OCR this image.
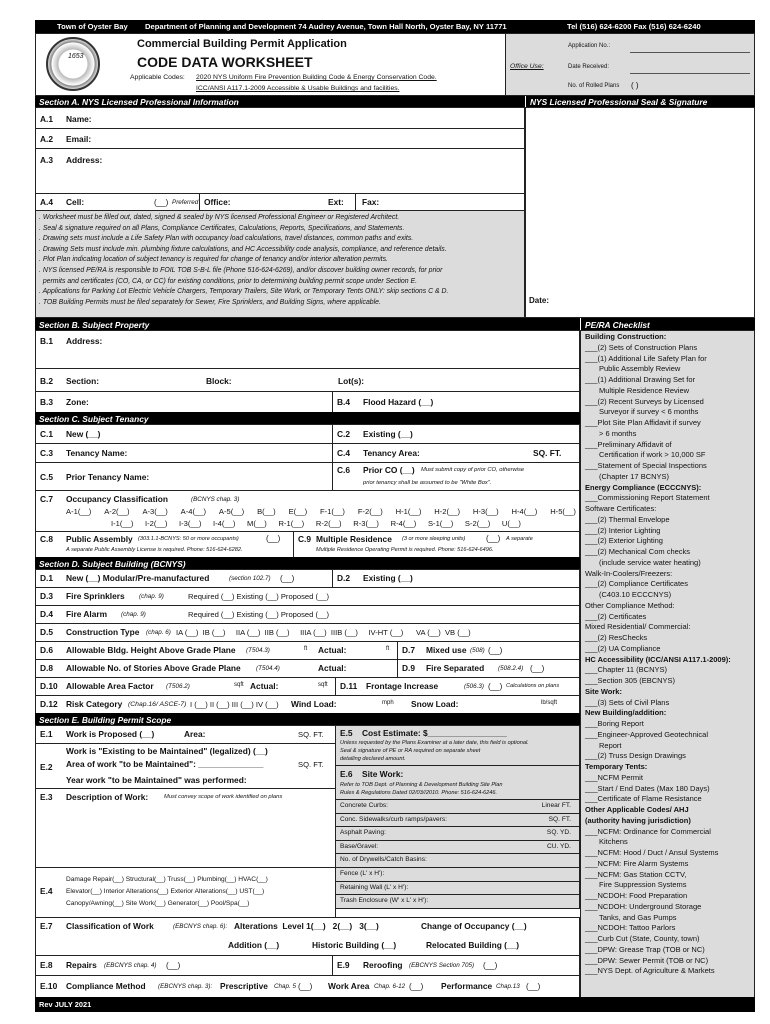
Town of Oyster Bay Department of Planning and Development 74 Audrey Avenue, Town Hall North, Oyster Bay, NY 11771	Tel (516) 624-6200 Fax (516) 624-6240
1653
Commercial Building Permit Application
CODE DATA WORKSHEET
Applicable Codes: 2020 NYS Uniform Fire Prevention Building Code & Energy Conservation Code.
ICC/ANSI A117.1-2009 Accessible & Usable Buildings and facilities.
Office Use:
Application No.:
Date Received:
No. of Rolled Plans ( )
Section A. NYS Licensed Professional Information	NYS Licensed Professional Seal & Signature
Date:
A.1 Name:
A.2 Email:
A.3 Address:
A.4 Cell:	(__) Preferred Office:	Ext: Fax:
. Worksheet must be filled out, dated, signed & sealed by NYS licensed Professional Engineer or Registered Architect.
. Seal & signature required on all Plans, Compliance Certificates, Calculations, Reports, Specifications, and Statements.
. Drawing sets must include a Life Safety Plan with occupancy load calculations, travel distances, common paths and exits.
. Drawing Sets must include min. plumbing fixture calculations, and HC Accessibility code analysis, compliance, and reference details.
. Plot Plan indicating location of subject tenancy is required for change of tenancy and/or interior alteration permits.
. NYS licensed PE/RA is responsible to FOIL TOB S-B-L file (Phone 516-624-6269), and/or discover building owner records, for prior
permits and certificates (CO, CA, or CC) for existing conditions, prior to determining building permit scope under Section E.
. Applications for Parking Lot Electric Vehicle Chargers, Temporary Trailers, Site Work, or Temporary Tents ONLY: skip sections C & D.
. TOB Building Permits must be filed separately for Sewer, Fire Sprinklers, and Building Signs, where applicable.
Section B. Subject Property	PE/RA Checklist
Building Construction:
___(2) Sets of Construction Plans
___(1) Additional Life Safety Plan for
Public Assembly Review
___(1) Additional Drawing Set for
Multiple Residence Review
___(2) Recent Surveys by Licensed
Surveyor if survey < 6 months
___Plot Site Plan Affidavit if survey
> 6 months
___Preliminary Affidavit of
Certification if work > 10,000 SF
___Statement of Special Inspections
(Chapter 17 BCNYS)
Energy Compliance (ECCCNYS):
___Commissioning Report Statement
Software Certificates:
___(2) Thermal Envelope
___(2) Interior Lighting
___(2) Exterior Lighting
___(2) Mechanical Com checks
(include service water heating)
Walk-In-Coolers/Freezers:
___(2) Compliance Certificates
(C403.10 ECCCNYS)
Other Compliance Method:
___(2) Certificates
Mixed Residential/ Commercial:
___(2) ResChecks
___(2) UA Compliance
HC Accessibility (ICC/ANSI A117.1-2009):
___Chapter 11 (BCNYS)
___Section 305 (EBCNYS)
Site Work:
___(3) Sets of Civil Plans
New Building/addition:
___Boring Report
___Engineer-Approved Geotechnical
Report
___(2) Truss Design Drawings
Temporary Tents:
___NCFM Permit
___Start / End Dates (Max 180 Days)
___Certificate of Flame Resistance
Other Applicable Codes/ AHJ
(authority having jurisdiction)
___NCFM: Ordinance for Commercial
Kitchens
___NCFM: Hood / Duct / Ansul Systems
___NCFM: Fire Alarm Systems
___NCFM: Gas Station CCTV,
Fire Suppression Systems
___NCDOH: Food Preparation
___NCDOH: Underground Storage
Tanks, and Gas Pumps
___NCDOH: Tattoo Parlors
___Curb Cut (State, County, town)
___DPW: Grease Trap (TOB or NC)
___DPW: Sewer Permit (TOB or NC)
___NYS Dept. of Agriculture & Markets
B.1 Address:
B.2 Section:	Block:	Lot(s):
B.3 Zone:	B.4 Flood Hazard (__)
Section C. Subject Tenancy
C.1 New (__)	C.2 Existing (__)
C.3 Tenancy Name:	C.4 Tenancy Area:	SQ. FT.
C.5 Prior Tenancy Name:
C.6 Prior CO (__) Must submit copy of prior CO, otherwise
prior tenancy shall be assumed to be "White Box".
C.7 Occupancy Classification	(BCNYS chap. 3)
A-1(__) A-2(__) A-3(__) A-4(__) A-5(__) B(__) E(__) F-1(__) F-2(__) H-1(__) H-2(__) H-3(__) H-4(__) H-5(__)
I-1(__) I-2(__) I-3(__) I-4(__) M(__) R-1(__) R-2(__) R-3(__) R-4(__) S-1(__) S-2(__) U(__)
C.8 Public Assembly (303.1.1-BCNYS: 50 or more occupants)	(__)
A separate Public Assembly License is required. Phone: 516-624-6282.
C.9 Multiple Residence (3 or more sleeping units)	(__) A separate
Multiple Residence Operating Permit is required. Phone: 516-624-6496.
Section D. Subject Building (BCNYS)
D.1 New (__) Modular/Pre-manufactured	(section 102.7) (__)	D.2 Existing (__)
D.3 Fire Sprinklers (chap. 9)	Required (__) Existing (__) Proposed (__)
D.4 Fire Alarm (chap. 9)	Required (__) Existing (__) Proposed (__)
D.5 Construction Type (chap. 6) IA (__)  IB (__)     IIA (__)  IIB (__)     IIIA (__)  IIIB (__)     IV-HT (__)      VA (__)  VB (__)
D.6 Allowable Bldg. Height Above Grade Plane (T504.3)	ft Actual:	ft D.7 Mixed use (508) (__)
D.8 Allowable No. of Stories Above Grade Plane (T504.4)	Actual:	D.9 Fire Separated (508.2.4) (__)
D.10 Allowable Area Factor (T506.2)	sqft Actual:	sqft D.11 Frontage Increase	(506.3) (__) Calculations on plans
D.12 Risk Category (Chap.16/ ASCE-7) I (__) II (__) III (__) IV (__) Wind Load:	mph Snow Load:	lb/sqft
Section E. Building Permit Scope
E.1 Work is Proposed (__)	Area:	SQ. FT.
E.2
Work is "Existing to be Maintained" (legalized) (__)
Area of work "to be Maintained": ______________	SQ. FT.
Year work "to be Maintained" was performed:
E.3 Description of Work:	Must convey scope of work identified on plans
E.4
Damage Repair(__) Structural(__) Truss(__) Plumbing(__) HVAC(__)
Elevator(__) Interior Alterations(__) Exterior Alterations(__) UST(__)
Canopy/Awning(__) Site Work(__) Generator(__) Pool/Spa(__)
E.5 Cost Estimate: $_________________
Unless requested by the Plans Examiner at a later date, this field is optional.
Seal & signature of PE or RA required on separate sheet
detailing declared amount.
E.6 Site Work:
Refer to TOB Dept. of Planning & Development Building Site Plan
Rules & Regulations Dated 02/03//2010. Phone: 516-624-6246.
Concrete Curbs:	Linear FT.
Conc. Sidewalks/curb ramps/pavers:	SQ. FT.
Asphalt Paving:	SQ. YD.
Base/Gravel:	CU. YD.
No. of Drywells/Catch Basins:
Fence (L' x H'):
Retaining Wall (L' x H'):
Trash Enclosure (W' x L' x H'):
E.7 Classification of Work	(EBCNYS chap. 6): Alterations  Level 1(__)   2(__)   3(__)	Change of Occupancy (__)
Addition (__)	Historic Building (__)	Relocated Building (__)
E.8 Repairs (EBCNYS chap. 4) (__)	E.9 Reroofing (EBCNYS Section 705) (__)
E.10 Compliance Method (EBCNYS chap. 3): Prescriptive Chap. 5 (__) Work Area Chap. 6-12 (__) Performance Chap.13 (__)
Rev JULY 2021
